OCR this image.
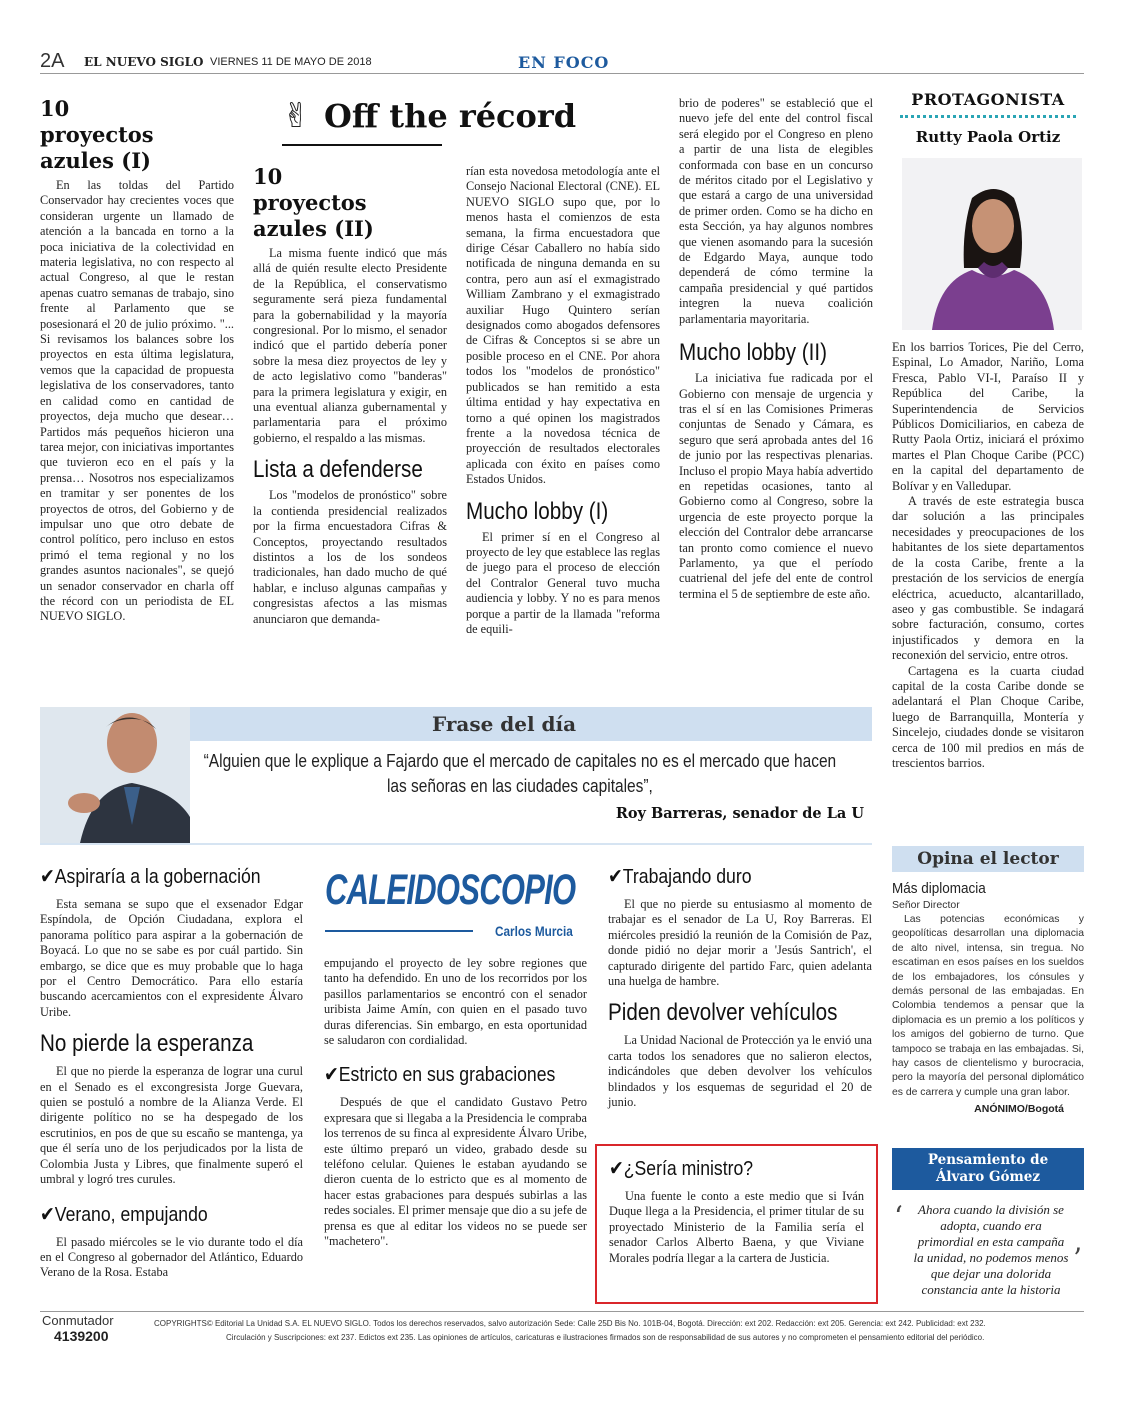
2A EL NUEVO SIGLO VIERNES 11 DE MAYO DE 2018	EN FOCO
✌ Off the récord
10 proyectos azules (I)

En las toldas del Partido Conservador hay crecientes voces que consideran urgente un llamado de atención a la bancada en torno a la poca iniciativa de la colectividad en materia legislativa, no con respecto al actual Congreso, al que le restan apenas cuatro semanas de trabajo, sino frente al Parlamento que se posesionará el 20 de julio próximo. "... Si revisamos los balances sobre los proyectos en esta última legislatura, vemos que la capacidad de propuesta legislativa de los conservadores, tanto en calidad como en cantidad de proyectos, deja mucho que desear… Partidos más pequeños hicieron una tarea mejor, con iniciativas importantes que tuvieron eco en el país y la prensa… Nosotros nos especializamos en tramitar y ser ponentes de los proyectos de otros, del Gobierno y de impulsar uno que otro debate de control político, pero incluso en estos primó el tema regional y no los grandes asuntos nacionales", se quejó un senador conservador en charla off the récord con un periodista de EL NUEVO SIGLO.

10 proyectos azules (II)

La misma fuente indicó que más allá de quién resulte electo Presidente de la República, el conservatismo seguramente será pieza fundamental para la gobernabilidad y la mayoría congresional. Por lo mismo, el senador indicó que el partido debería poner sobre la mesa diez proyectos de ley y de acto legislativo como "banderas" para la primera legislatura y exigir, en una eventual alianza gubernamental y parlamentaria para el próximo gobierno, el respaldo a las mismas.

Lista a defenderse

Los "modelos de pronóstico" sobre la contienda presidencial realizados por la firma encuestadora Cifras & Conceptos, proyectando resultados distintos a los de los sondeos tradicionales, han dado mucho de qué hablar, e incluso algunas campañas y congresistas afectos a las mismas anunciaron que demanda-

rían esta novedosa metodología ante el Consejo Nacional Electoral (CNE). EL NUEVO SIGLO supo que, por lo menos hasta el comienzos de esta semana, la firma encuestadora que dirige César Caballero no había sido notificada de ninguna demanda en su contra, pero aun así el exmagistrado William Zambrano y el exmagistrado auxiliar Hugo Quintero serían designados como abogados defensores de Cifras & Conceptos si se abre un posible proceso en el CNE. Por ahora todos los "modelos de pronóstico" publicados se han remitido a esta última entidad y hay expectativa en torno a qué opinen los magistrados frente a la novedosa técnica de proyección de resultados electorales aplicada con éxito en países como Estados Unidos.

Mucho lobby (I)

El primer sí en el Congreso al proyecto de ley que establece las reglas de juego para el proceso de elección del Contralor General tuvo mucha audiencia y lobby. Y no es para menos porque a partir de la llamada "reforma de equili-

brio de poderes" se estableció que el nuevo jefe del ente del control fiscal será elegido por el Congreso en pleno a partir de una lista de elegibles conformada con base en un concurso de méritos citado por el Legislativo y que estará a cargo de una universidad de primer orden. Como se ha dicho en esta Sección, ya hay algunos nombres que vienen asomando para la sucesión de Edgardo Maya, aunque todo dependerá de cómo termine la campaña presidencial y qué partidos integren la nueva coalición parlamentaria mayoritaria.

Mucho lobby (II)

La iniciativa fue radicada por el Gobierno con mensaje de urgencia y tras el sí en las Comisiones Primeras conjuntas de Senado y Cámara, es seguro que será aprobada antes del 16 de junio por las respectivas plenarias. Incluso el propio Maya había advertido en repetidas ocasiones, tanto al Gobierno como al Congreso, sobre la urgencia de este proyecto porque la elección del Contralor debe arrancarse tan pronto como comience el nuevo Parlamento, ya que el período cuatrienal del jefe del ente de control termina el 5 de septiembre de este año.

PROTAGONISTA
Rutty Paola Ortiz

En los barrios Torices, Pie del Cerro, Espinal, Lo Amador, Nariño, Loma Fresca, Pablo VI-I, Paraíso II y República del Caribe, la Superintendencia de Servicios Públicos Domiciliarios, en cabeza de Rutty Paola Ortiz, iniciará el próximo martes el Plan Choque Caribe (PCC) en la capital del departamento de Bolívar y en Valledupar.

A través de este estrategia busca dar solución a las principales necesidades y preocupaciones de los habitantes de los siete departamentos de la costa Caribe, frente a la prestación de los servicios de energía eléctrica, acueducto, alcantarillado, aseo y gas combustible. Se indagará sobre facturación, consumo, cortes injustificados y demora en la reconexión del servicio, entre otros.

Cartagena es la cuarta ciudad capital de la costa Caribe donde se adelantará el Plan Choque Caribe, luego de Barranquilla, Montería y Sincelejo, ciudades donde se visitaron cerca de 100 mil predios en más de trescientos barrios.

Frase del día
“Alguien que le explique a Fajardo que el mercado de capitales no es el mercado que hacen las señoras en las ciudades capitales”,
Roy Barreras, senador de La U
CALEIDOSCOPIO
Carlos Murcia
✔Aspiraría a la gobernación

Esta semana se supo que el exsenador Edgar Espíndola, de Opción Ciudadana, explora el panorama político para aspirar a la gobernación de Boyacá. Lo que no se sabe es por cuál partido. Sin embargo, se dice que es muy probable que lo haga por el Centro Democrático. Para ello estaría buscando acercamientos con el expresidente Álvaro Uribe.

No pierde la esperanza

El que no pierde la esperanza de lograr una curul en el Senado es el excongresista Jorge Guevara, quien se postuló a nombre de la Alianza Verde. El dirigente político no se ha despegado de los escrutinios, en pos de que su escaño se mantenga, ya que él sería uno de los perjudicados por la lista de Colombia Justa y Libres, que finalmente superó el umbral y logró tres curules.

✔Verano, empujando

El pasado miércoles se le vio durante todo el día en el Congreso al gobernador del Atlántico, Eduardo Verano de la Rosa. Estaba

empujando el proyecto de ley sobre regiones que tanto ha defendido. En uno de los recorridos por los pasillos parlamentarios se encontró con el senador uribista Jaime Amín, con quien en el pasado tuvo duras diferencias. Sin embargo, en esta oportunidad se saludaron con cordialidad.

✔Estricto en sus grabaciones

Después de que el candidato Gustavo Petro expresara que si llegaba a la Presidencia le compraba los terrenos de su finca al expresidente Álvaro Uribe, este último preparó un video, grabado desde su teléfono celular. Quienes le estaban ayudando se dieron cuenta de lo estricto que es al momento de hacer estas grabaciones para después subirlas a las redes sociales. El primer mensaje que dio a su jefe de prensa es que al editar los videos no se puede ser "machetero".

✔Trabajando duro

El que no pierde su entusiasmo al momento de trabajar es el senador de La U, Roy Barreras. El miércoles presidió la reunión de la Comisión de Paz, donde pidió no dejar morir a 'Jesús Santrich', el capturado dirigente del partido Farc, quien adelanta una huelga de hambre.

Piden devolver vehículos

La Unidad Nacional de Protección ya le envió una carta todos los senadores que no salieron electos, indicándoles que deben devolver los vehículos blindados y los esquemas de seguridad el 20 de junio.

✔¿Sería ministro?

Una fuente le conto a este medio que si Iván Duque llega a la Presidencia, el primer titular de su proyectado Ministerio de la Familia sería el senador Carlos Alberto Baena, y que Viviane Morales podría llegar a la cartera de Justicia.

Opina el lector
Más diplomacia
Señor Director

Las potencias económicas y geopolíticas desarrollan una diplomacia de alto nivel, intensa, sin tregua. No escatiman en esos países en los sueldos de los embajadores, los cónsules y demás personal de las embajadas. En Colombia tendemos a pensar que la diplomacia es un premio a los políticos y los amigos del gobierno de turno. Que tampoco se trabaja en las embajadas. Si, hay casos de clientelismo y burocracia, pero la mayoría del personal diplomático es de carrera y cumple una gran labor.

ANÓNIMO/Bogotá
Pensamiento de Álvaro Gómez
‘	Ahora cuando la división se adopta, cuando era primordial en esta campaña la unidad, no podemos menos que dejar una dolorida constancia ante la historia

’
Conmutador
4139200
COPYRIGHTS© Editorial La Unidad S.A. EL NUEVO SIGLO. Todos los derechos reservados, salvo autorización Sede: Calle 25D Bis No. 101B-04, Bogotá. Dirección: ext 202. Redacción: ext 205. Gerencia: ext 242. Publicidad: ext 232.
Circulación y Suscripciones: ext 237. Edictos ext 235. Las opiniones de artículos, caricaturas e ilustraciones firmados son de responsabilidad de sus autores y no comprometen el pensamiento editorial del periódico.
